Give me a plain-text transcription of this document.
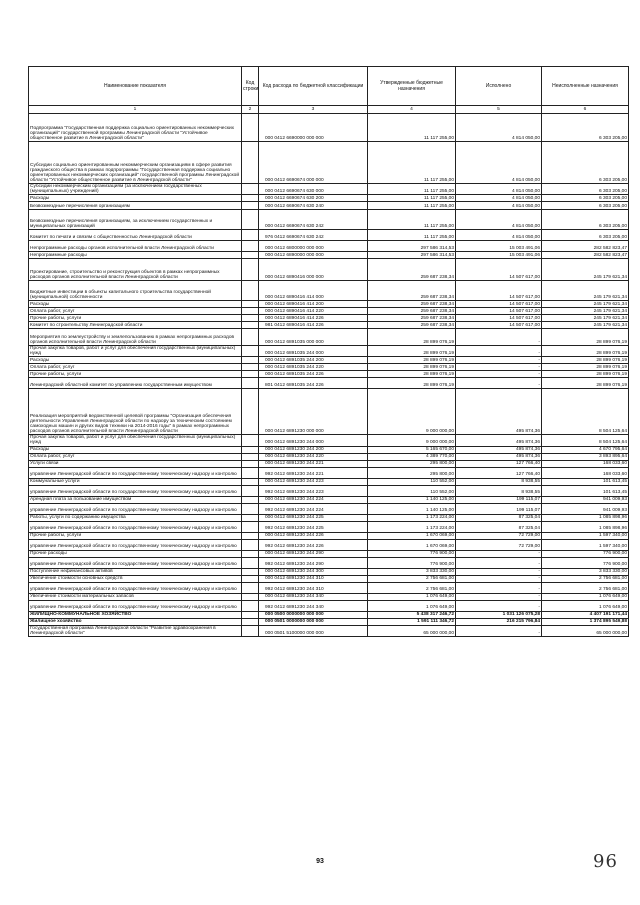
Наименование показателя	Код строки	Код расхода по бюджетной классификации	Утвержденные бюджетные назначения	Исполнено	Неисполненные назначения
1	2	3	4	5	6
Подпрограмма "Государственная поддержка социально ориентированных некоммерческих организаций" государственной программы Ленинградской области "Устойчивое общественное развитие в Ленинградской области"		000 0412 6690000 000 000	11 117 255,00	4 814 050,00	6 303 205,00
Субсидии социально ориентированным некоммерческим организациям в сфере развития гражданского общества в рамках подпрограммы "Государственная поддержка социально ориентированных некоммерческих организаций" государственной программы Ленинградской области "Устойчивое общественное развитие в Ленинградской области"		000 0412 6690674 000 000	11 117 255,00	4 814 050,00	6 303 205,00
Субсидии некоммерческим организациям (за исключением государственных (муниципальных) учреждений)		000 0412 6690674 630 000	11 117 255,00	4 814 050,00	6 303 205,00
Расходы		000 0412 6690674 630 200	11 117 255,00	4 814 050,00	6 303 205,00
Безвозмездные перечисления организациям		000 0412 6690674 630 240	11 117 255,00	4 814 050,00	6 303 205,00
Безвозмездные перечисления организациям, за исключением государственных и муниципальных организаций		000 0412 6690674 630 242	11 117 255,00	4 814 050,00	6 303 205,00
Комитет по печати и связям с общественностью Ленинградской области		976 0412 6690674 630 242	11 117 255,00	4 814 050,00	6 303 205,00
Непрограммные расходы органов исполнительной власти Ленинградской области		000 0412 6800000 000 000	297 586 314,53	15 003 491,06	282 582 823,47
Непрограммные расходы		000 0412 6890000 000 000	297 586 314,53	15 003 491,06	282 582 823,47
Проектирование, строительство и реконструкция объектов в рамках непрограммных расходов органов исполнительной власти Ленинградской области		000 0412 6890416 000 000	259 687 238,34	14 507 617,00	245 179 621,34
Бюджетные инвестиции в объекты капитального строительства государственной (муниципальной) собственности		000 0412 6890416 414 000	259 687 238,34	14 507 617,00	245 179 621,34
Расходы		000 0412 6890416 414 200	259 687 238,34	14 507 617,00	245 179 621,34
Оплата работ, услуг		000 0412 6890416 414 220	259 687 238,34	14 507 617,00	245 179 621,34
Прочие работы, услуги		000 0412 6890416 414 226	259 687 238,34	14 507 617,00	245 179 621,34
Комитет по строительству Ленинградской области		981 0412 6890416 414 226	259 687 238,34	14 507 617,00	245 179 621,34
Мероприятия по землеустройству и землепользованию в рамках непрограммных расходов органов исполнительной власти Ленинградской области		000 0412 6891035 000 000	28 899 076,19	-	28 899 076,19
Прочая закупка товаров, работ и услуг для обеспечения государственных (муниципальных) нужд		000 0412 6891035 244 000	28 899 076,19	-	28 899 076,19
Расходы		000 0412 6891035 244 200	28 899 076,19	-	28 899 076,19
Оплата работ, услуг		000 0412 6891035 244 220	28 899 076,19	-	28 899 076,19
Прочие работы, услуги		000 0412 6891035 244 226	28 899 076,19	-	28 899 076,19
Ленинградский областной комитет по управлению государственным имуществом		801 0412 6891035 244 226	28 899 076,19	-	28 899 076,19
Реализация мероприятий ведомственной целевой программы "Организация обеспечения деятельности Управления Ленинградской области по надзору за техническим состоянием самоходных машин и других видов техники на 2014-2016 годы" в рамках непрограммных расходов органов исполнительной власти Ленинградской области		000 0412 6891230 000 000	9 000 000,00	495 874,36	8 504 125,64
Прочая закупка товаров, работ и услуг для обеспечения государственных (муниципальных) нужд		000 0412 6891230 244 000	9 000 000,00	495 874,36	8 504 125,64
Расходы		000 0412 6891230 244 200	5 165 670,00	495 874,36	4 670 795,64
Оплата работ, услуг		000 0412 6891230 244 220	4 389 770,00	495 874,36	3 893 895,64
Услуги связи		000 0412 6891230 244 221	295 800,00	127 766,40	168 033,60
управление Ленинградской области по государственному техническому надзору и контролю		992 0412 6891230 244 221	295 800,00	127 766,40	168 033,60
Коммунальные услуги		000 0412 6891230 244 223	110 552,00	8 938,55	101 613,45
управление Ленинградской области по государственному техническому надзору и контролю		992 0412 6891230 244 223	110 552,00	8 938,55	101 613,45
Арендная плата за пользование имуществом		000 0412 6891230 244 224	1 140 125,00	199 115,07	941 009,93
управление Ленинградской области по государственному техническому надзору и контролю		992 0412 6891230 244 224	1 140 125,00	199 115,07	941 009,93
Работы, услуги по содержанию имущества		000 0412 6891230 244 225	1 173 224,00	87 325,04	1 085 898,96
управление Ленинградской области по государственному техническому надзору и контролю		992 0412 6891230 244 225	1 173 224,00	87 325,04	1 085 898,96
Прочие работы, услуги		000 0412 6891230 244 226	1 670 069,00	72 729,00	1 597 340,00
управление Ленинградской области по государственному техническому надзору и контролю		992 0412 6891230 244 226	1 670 069,00	72 729,00	1 597 340,00
Прочие расходы		000 0412 6891230 244 290	776 900,00	-	776 900,00
управление Ленинградской области по государственному техническому надзору и контролю		992 0412 6891230 244 290	776 900,00	-	776 900,00
Поступление нефинансовых активов		000 0412 6891230 244 300	3 833 330,00	-	3 833 330,00
Увеличение стоимости основных средств		000 0412 6891230 244 310	2 756 681,00	-	2 756 681,00
управление Ленинградской области по государственному техническому надзору и контролю		992 0412 6891230 244 310	2 756 681,00	-	2 756 681,00
Увеличение стоимости материальных запасов		000 0412 6891230 244 340	1 076 649,00	-	1 076 649,00
управление Ленинградской области по государственному техническому надзору и контролю		992 0412 6891230 244 340	1 076 649,00	-	1 076 649,00
ЖИЛИЩНО-КОММУНАЛЬНОЕ ХОЗЯЙСТВО		000 0500 0000000 000 000	5 438 317 246,72	1 031 126 075,28	4 407 191 171,44
Жилищное хозяйство		000 0501 0000000 000 000	1 591 111 346,72	216 215 796,84	1 374 895 549,88
Государственная программа Ленинградской области "Развитие здравоохранения в Ленинградской области"		000 0501 5100000 000 000	65 000 000,00	-	65 000 000,00
93	96
